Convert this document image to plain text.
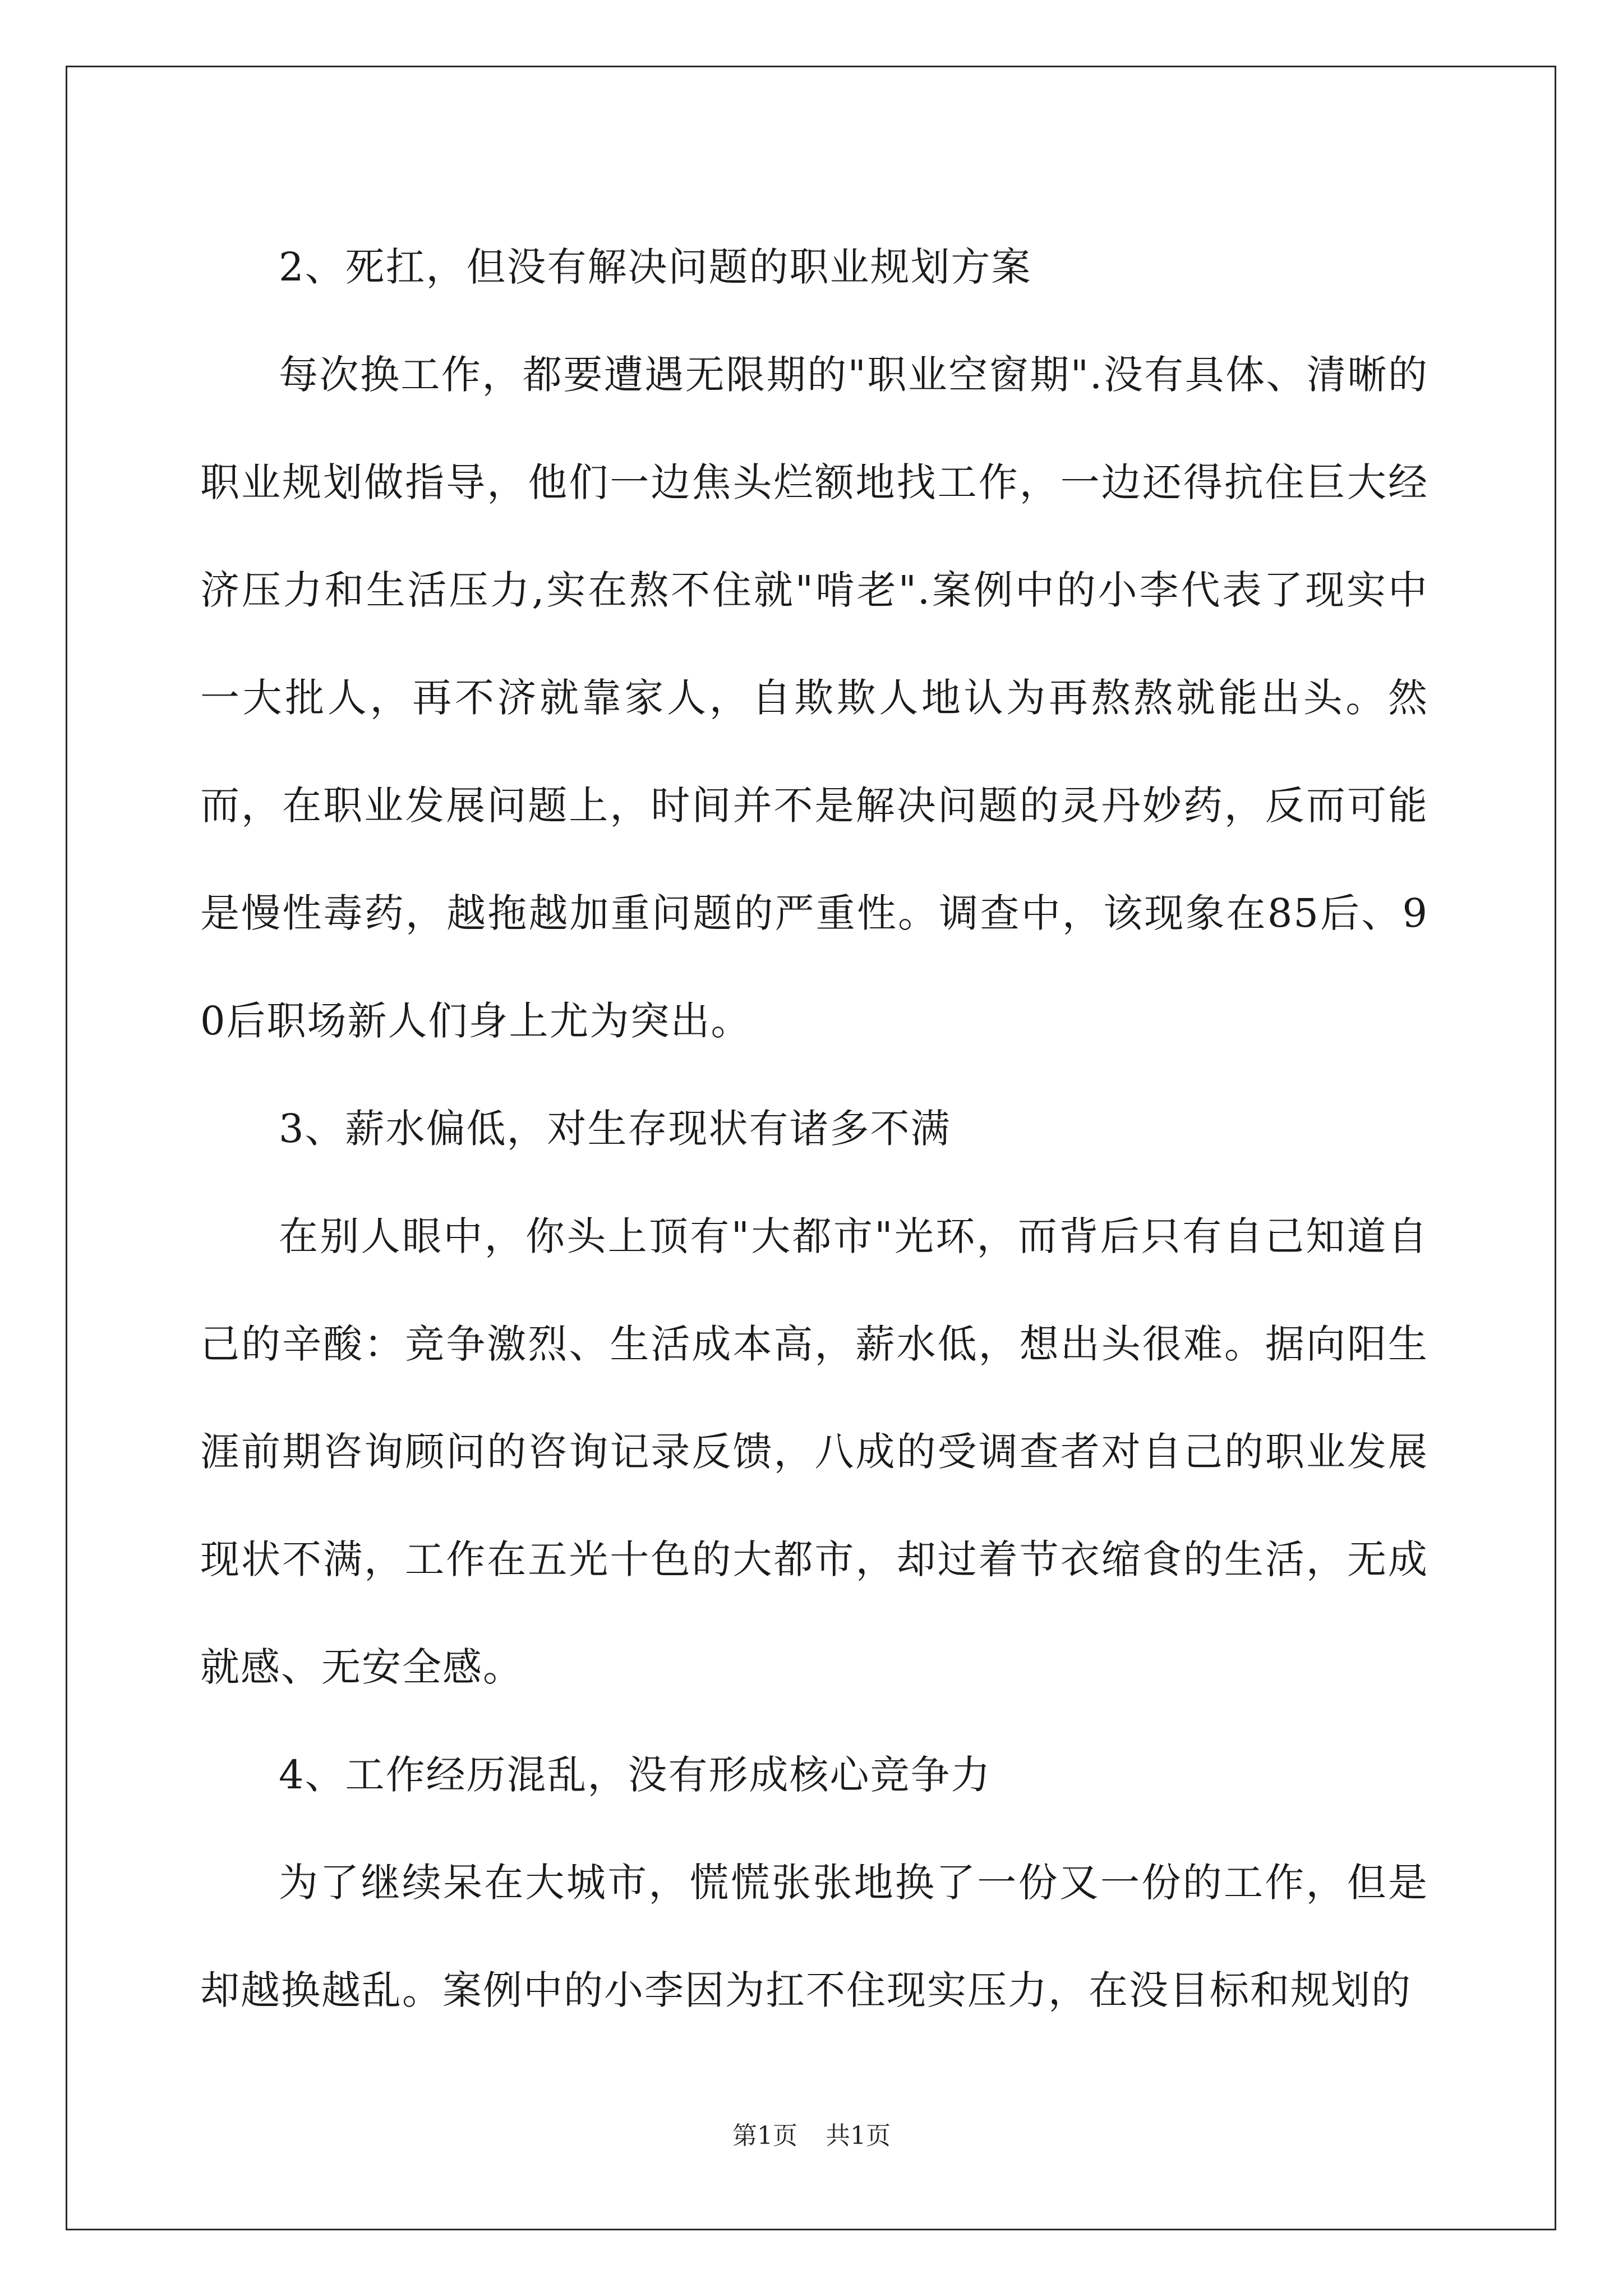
2、死扛，但没有解决问题的职业规划方案

每次换工作，都要遭遇无限期的"职业空窗期".没有具体、清晰的职业规划做指导，他们一边焦头烂额地找工作，一边还得抗住巨大经济压力和生活压力,实在熬不住就"啃老".案例中的小李代表了现实中一大批人，再不济就靠家人，自欺欺人地认为再熬熬就能出头。然而，在职业发展问题上，时间并不是解决问题的灵丹妙药，反而可能是慢性毒药，越拖越加重问题的严重性。调查中，该现象在85后、90后职场新人们身上尤为突出。

3、薪水偏低，对生存现状有诸多不满

在别人眼中，你头上顶有"大都市"光环，而背后只有自己知道自己的辛酸：竞争激烈、生活成本高，薪水低，想出头很难。据向阳生涯前期咨询顾问的咨询记录反馈，八成的受调查者对自己的职业发展现状不满，工作在五光十色的大都市，却过着节衣缩食的生活，无成就感、无安全感。

4、工作经历混乱，没有形成核心竞争力

为了继续呆在大城市，慌慌张张地换了一份又一份的工作，但是却越换越乱。案例中的小李因为扛不住现实压力，在没目标和规划的

第1页 共1页
